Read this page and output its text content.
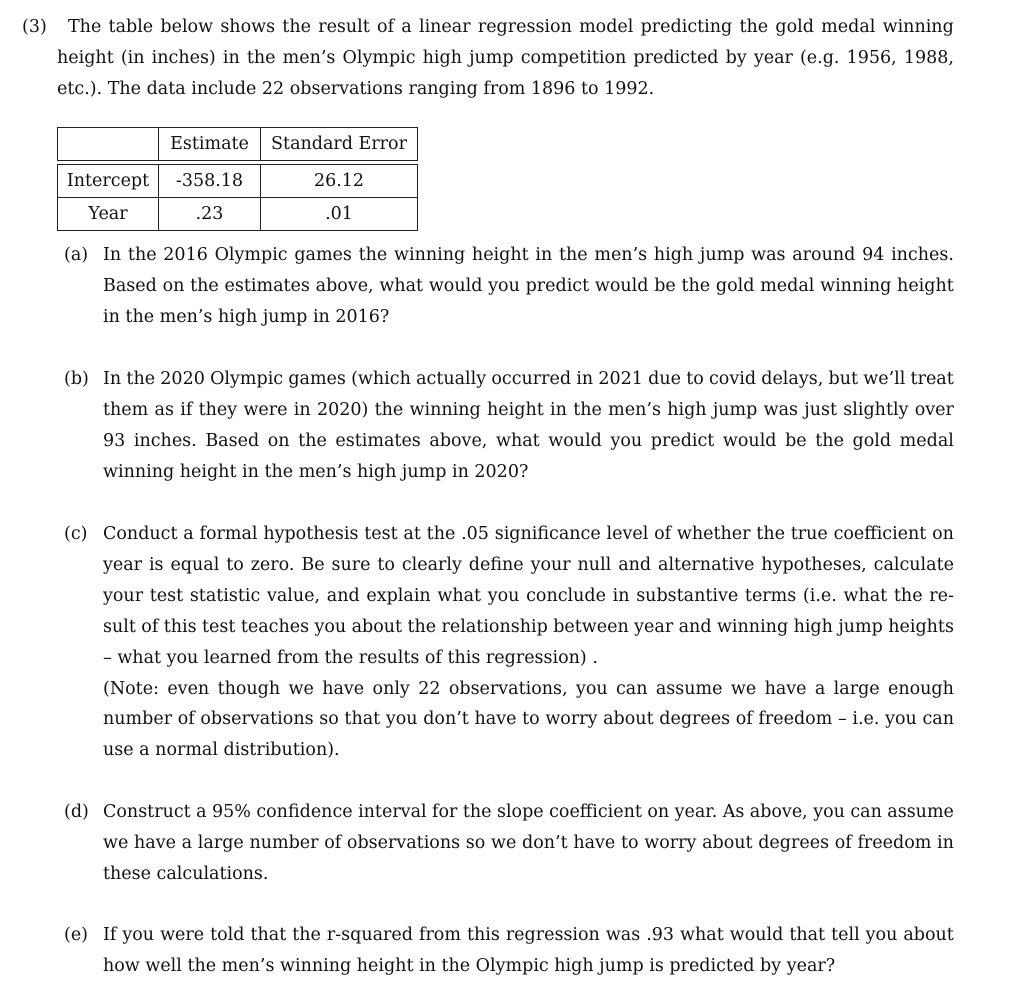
(3) The table below shows the result of a linear regression model predicting the gold medal winning
height (in inches) in the men’s Olympic high jump competition predicted by year (e.g. 1956, 1988,
etc.). The data include 22 observations ranging from 1896 to 1992.
	Estimate	Standard Error

Intercept	-358.18	26.12
Year	.23	.01
(a) In the 2016 Olympic games the winning height in the men’s high jump was around 94 inches.
Based on the estimates above, what would you predict would be the gold medal winning height
in the men’s high jump in 2016?
(b) In the 2020 Olympic games (which actually occurred in 2021 due to covid delays, but we’ll treat
them as if they were in 2020) the winning height in the men’s high jump was just slightly over
93 inches. Based on the estimates above, what would you predict would be the gold medal
winning height in the men’s high jump in 2020?
(c) Conduct a formal hypothesis test at the .05 significance level of whether the true coefficient on
year is equal to zero. Be sure to clearly define your null and alternative hypotheses, calculate
your test statistic value, and explain what you conclude in substantive terms (i.e. what the re-
sult of this test teaches you about the relationship between year and winning high jump heights
– what you learned from the results of this regression) .
(Note: even though we have only 22 observations, you can assume we have a large enough
number of observations so that you don’t have to worry about degrees of freedom – i.e. you can
use a normal distribution).
(d) Construct a 95% confidence interval for the slope coefficient on year. As above, you can assume
we have a large number of observations so we don’t have to worry about degrees of freedom in
these calculations.
(e) If you were told that the r-squared from this regression was .93 what would that tell you about
how well the men’s winning height in the Olympic high jump is predicted by year?
